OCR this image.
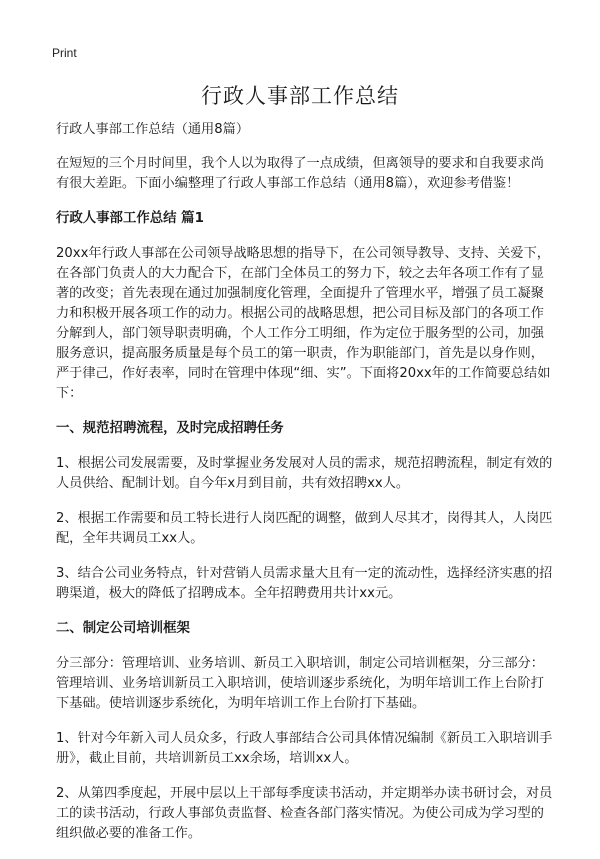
Print
行政人事部工作总结

行政人事部工作总结（通用8篇）

在短短的三个月时间里，我个人以为取得了一点成绩，但离领导的要求和自我要求尚有很大差距。下面小编整理了行政人事部工作总结（通用8篇），欢迎参考借鉴！

行政人事部工作总结 篇1

20xx年行政人事部在公司领导战略思想的指导下，在公司领导教导、支持、关爱下，在各部门负责人的大力配合下，在部门全体员工的努力下，较之去年各项工作有了显著的改变；首先表现在通过加强制度化管理，全面提升了管理水平，增强了员工凝聚力和积极开展各项工作的动力。根据公司的战略思想，把公司目标及部门的各项工作分解到人，部门领导职责明确，个人工作分工明细，作为定位于服务型的公司，加强服务意识，提高服务质量是每个员工的第一职责，作为职能部门，首先是以身作则，严于律己，作好表率，同时在管理中体现“细、实”。下面将20xx年的工作简要总结如下：

一、规范招聘流程，及时完成招聘任务

1、根据公司发展需要，及时掌握业务发展对人员的需求，规范招聘流程，制定有效的人员供给、配制计划。自今年x月到目前，共有效招聘xx人。

2、根据工作需要和员工特长进行人岗匹配的调整，做到人尽其才，岗得其人，人岗匹配，全年共调员工xx人。

3、结合公司业务特点，针对营销人员需求量大且有一定的流动性，选择经济实惠的招聘渠道，极大的降低了招聘成本。全年招聘费用共计xx元。

二、制定公司培训框架

分三部分：管理培训、业务培训、新员工入职培训，制定公司培训框架，分三部分：管理培训、业务培训新员工入职培训，使培训逐步系统化，为明年培训工作上台阶打下基础。使培训逐步系统化，为明年培训工作上台阶打下基础。

1、针对今年新入司人员众多，行政人事部结合公司具体情况编制《新员工入职培训手册》，截止目前，共培训新员工xx余场，培训xx人。

2、从第四季度起，开展中层以上干部每季度读书活动，并定期举办读书研讨会，对员工的读书活动，行政人事部负责监督、检查各部门落实情况。为使公司成为学习型的组织做必要的准备工作。
